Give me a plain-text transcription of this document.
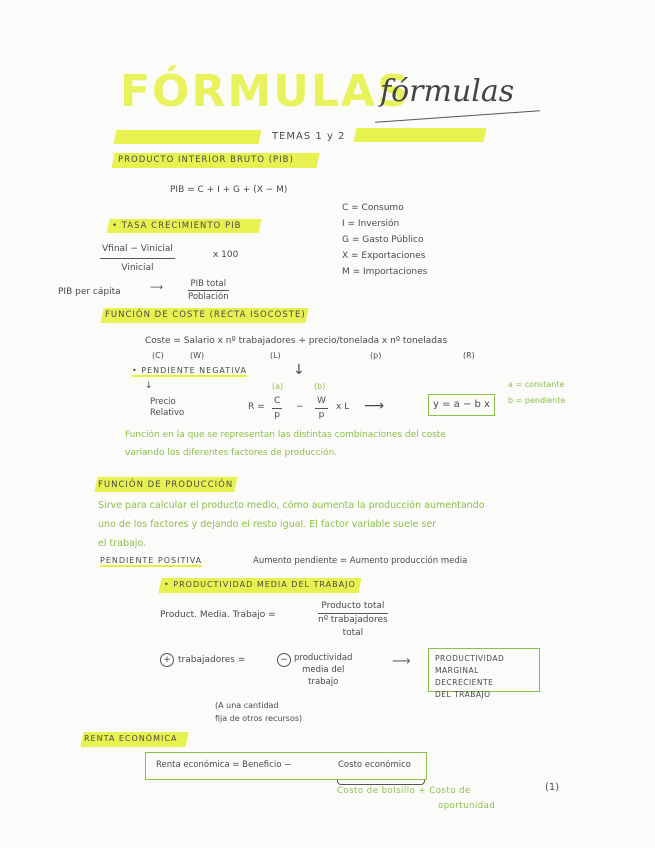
FÓRMULAS
fórmulas
TEMAS 1 y 2
PRODUCTO INTERIOR BRUTO (PIB)
PIB = C + I + G + (X − M)
C = Consumo
I = Inversión
G = Gasto Público
X = Exportaciones
M = Importaciones
• TASA CRECIMIENTO PIB
Vfinal − Vinicial
Vinicial
x 100
PIB per cápita	⟶	PIB total
Población
FUNCIÓN DE COSTE (RECTA ISOCOSTE)
Coste = Salario x nº trabajadores + precio/tonelada x nº toneladas
(C)	(W)	(L)	(p)	(R)
• PENDIENTE NEGATIVA
↓
↓
Precio
Relativo
(a)	(b)
$R = \frac{C}{p} - \frac{W}{p}$ x L ⟶	y = a − b x
a = constante
b = pendiente
Función en la que se representan las distintas combinaciones del coste
variando los diferentes factores de producción.
FUNCIÓN DE PRODUCCIÓN
Sirve para calcular el producto medio, cómo aumenta la producción aumentando
uno de los factores y dejando el resto igual. El factor variable suele ser
el trabajo.
PENDIENTE POSITIVA	Aumento pendiente = Aumento producción media
• PRODUCTIVIDAD MEDIA DEL TRABAJO
Product. Media. Trabajo =
Producto total
nº trabajadores
total
+ trabajadores =	− productividad
media del
trabajo
⟶	PRODUCTIVIDAD
MARGINAL DECRECIENTE
DEL TRABAJO
(A una cantidad
fija de otros recursos)
RENTA ECONÓMICA
Renta económica = Beneficio −	Costo económico
Costo de bolsillo + Costo de
oportunidad
(1)
